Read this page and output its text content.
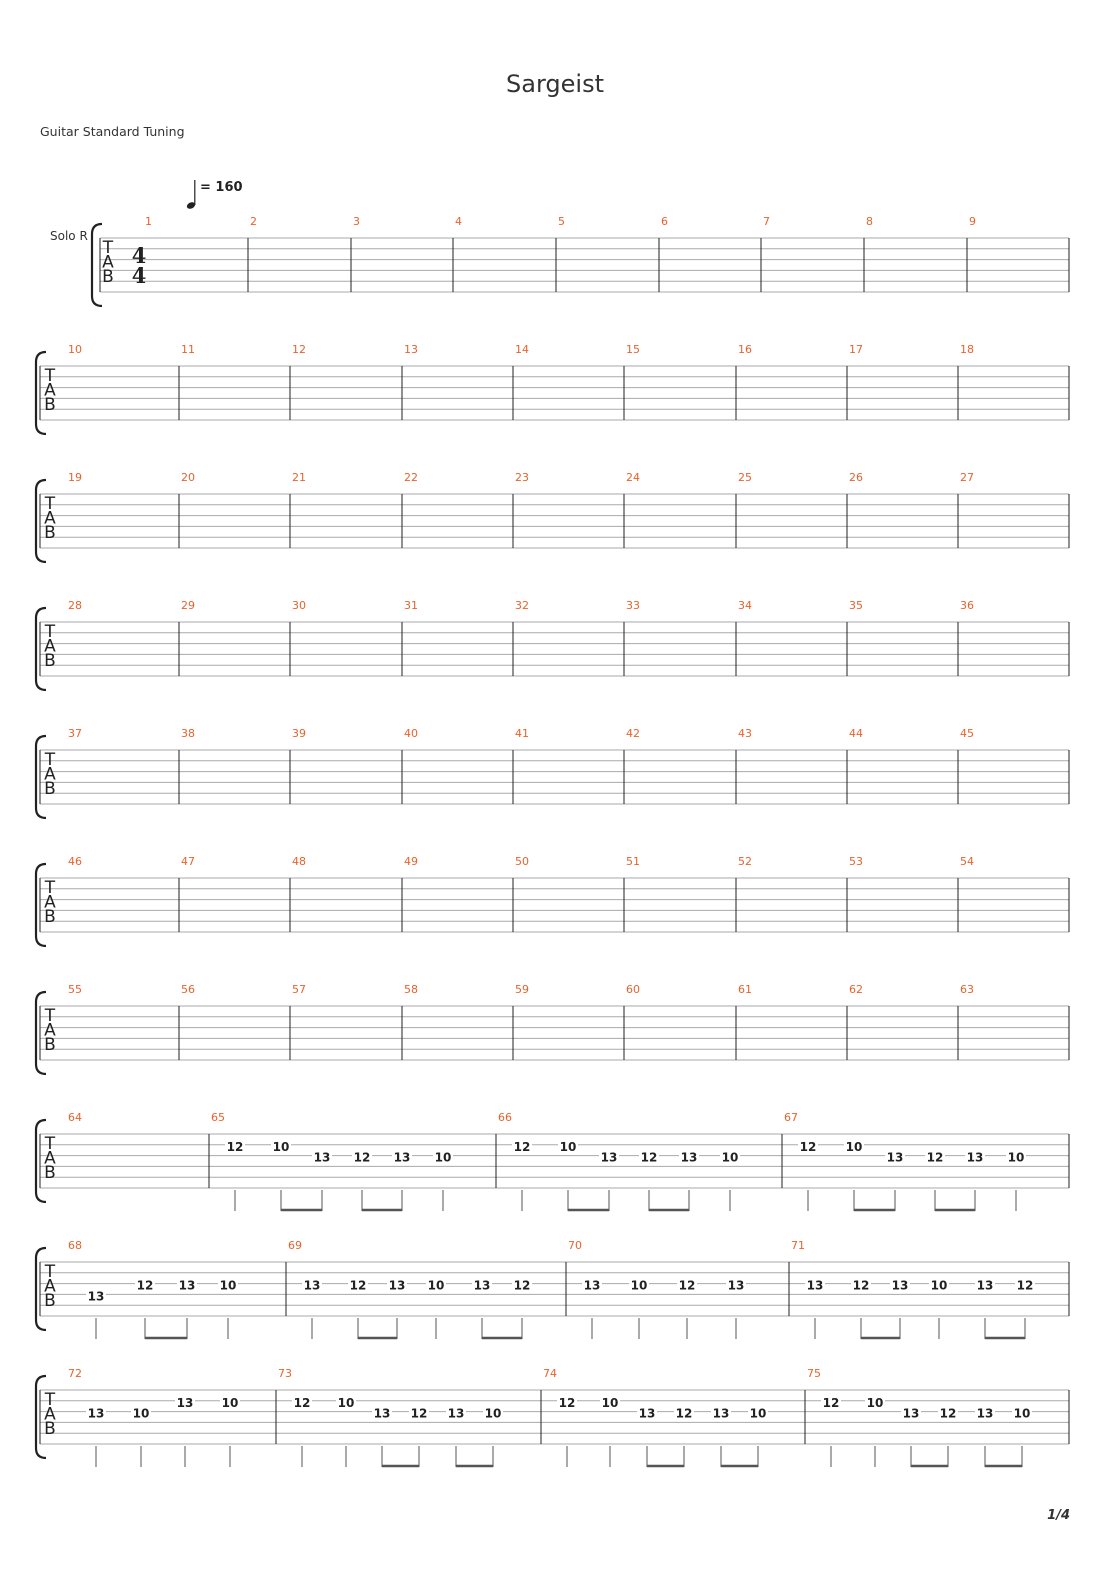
Sargeist
Guitar Standard Tuning
= 160
Solo R
T
A
B
4
4
1	2	3	4	5	6	7	8	9
T
A
B
10	11	12	13	14	15	16	17	18
T
A
B
19	20	21	22	23	24	25	26	27
T
A
B
28	29	30	31	32	33	34	35	36
T
A
B
37	38	39	40	41	42	43	44	45
T
A
B
46	47	48	49	50	51	52	53	54
T
A
B
55	56	57	58	59	60	61	62	63
T
A
B
64	65
12 10
13 12 13 10
66
12 10
13 12 13 10
67
12 10
13 12 13 10
T
A
B
68
13
12 13 10
69
13 12 13 10 13 12
70
13	10	12	13
71
13 12 13 10 13 12
T
A
B
72
13 10
13 10
73
12 10
13 12 13 10
74
12 10
13 12 13 10
75
12 10
13 12 13 10
1/4
